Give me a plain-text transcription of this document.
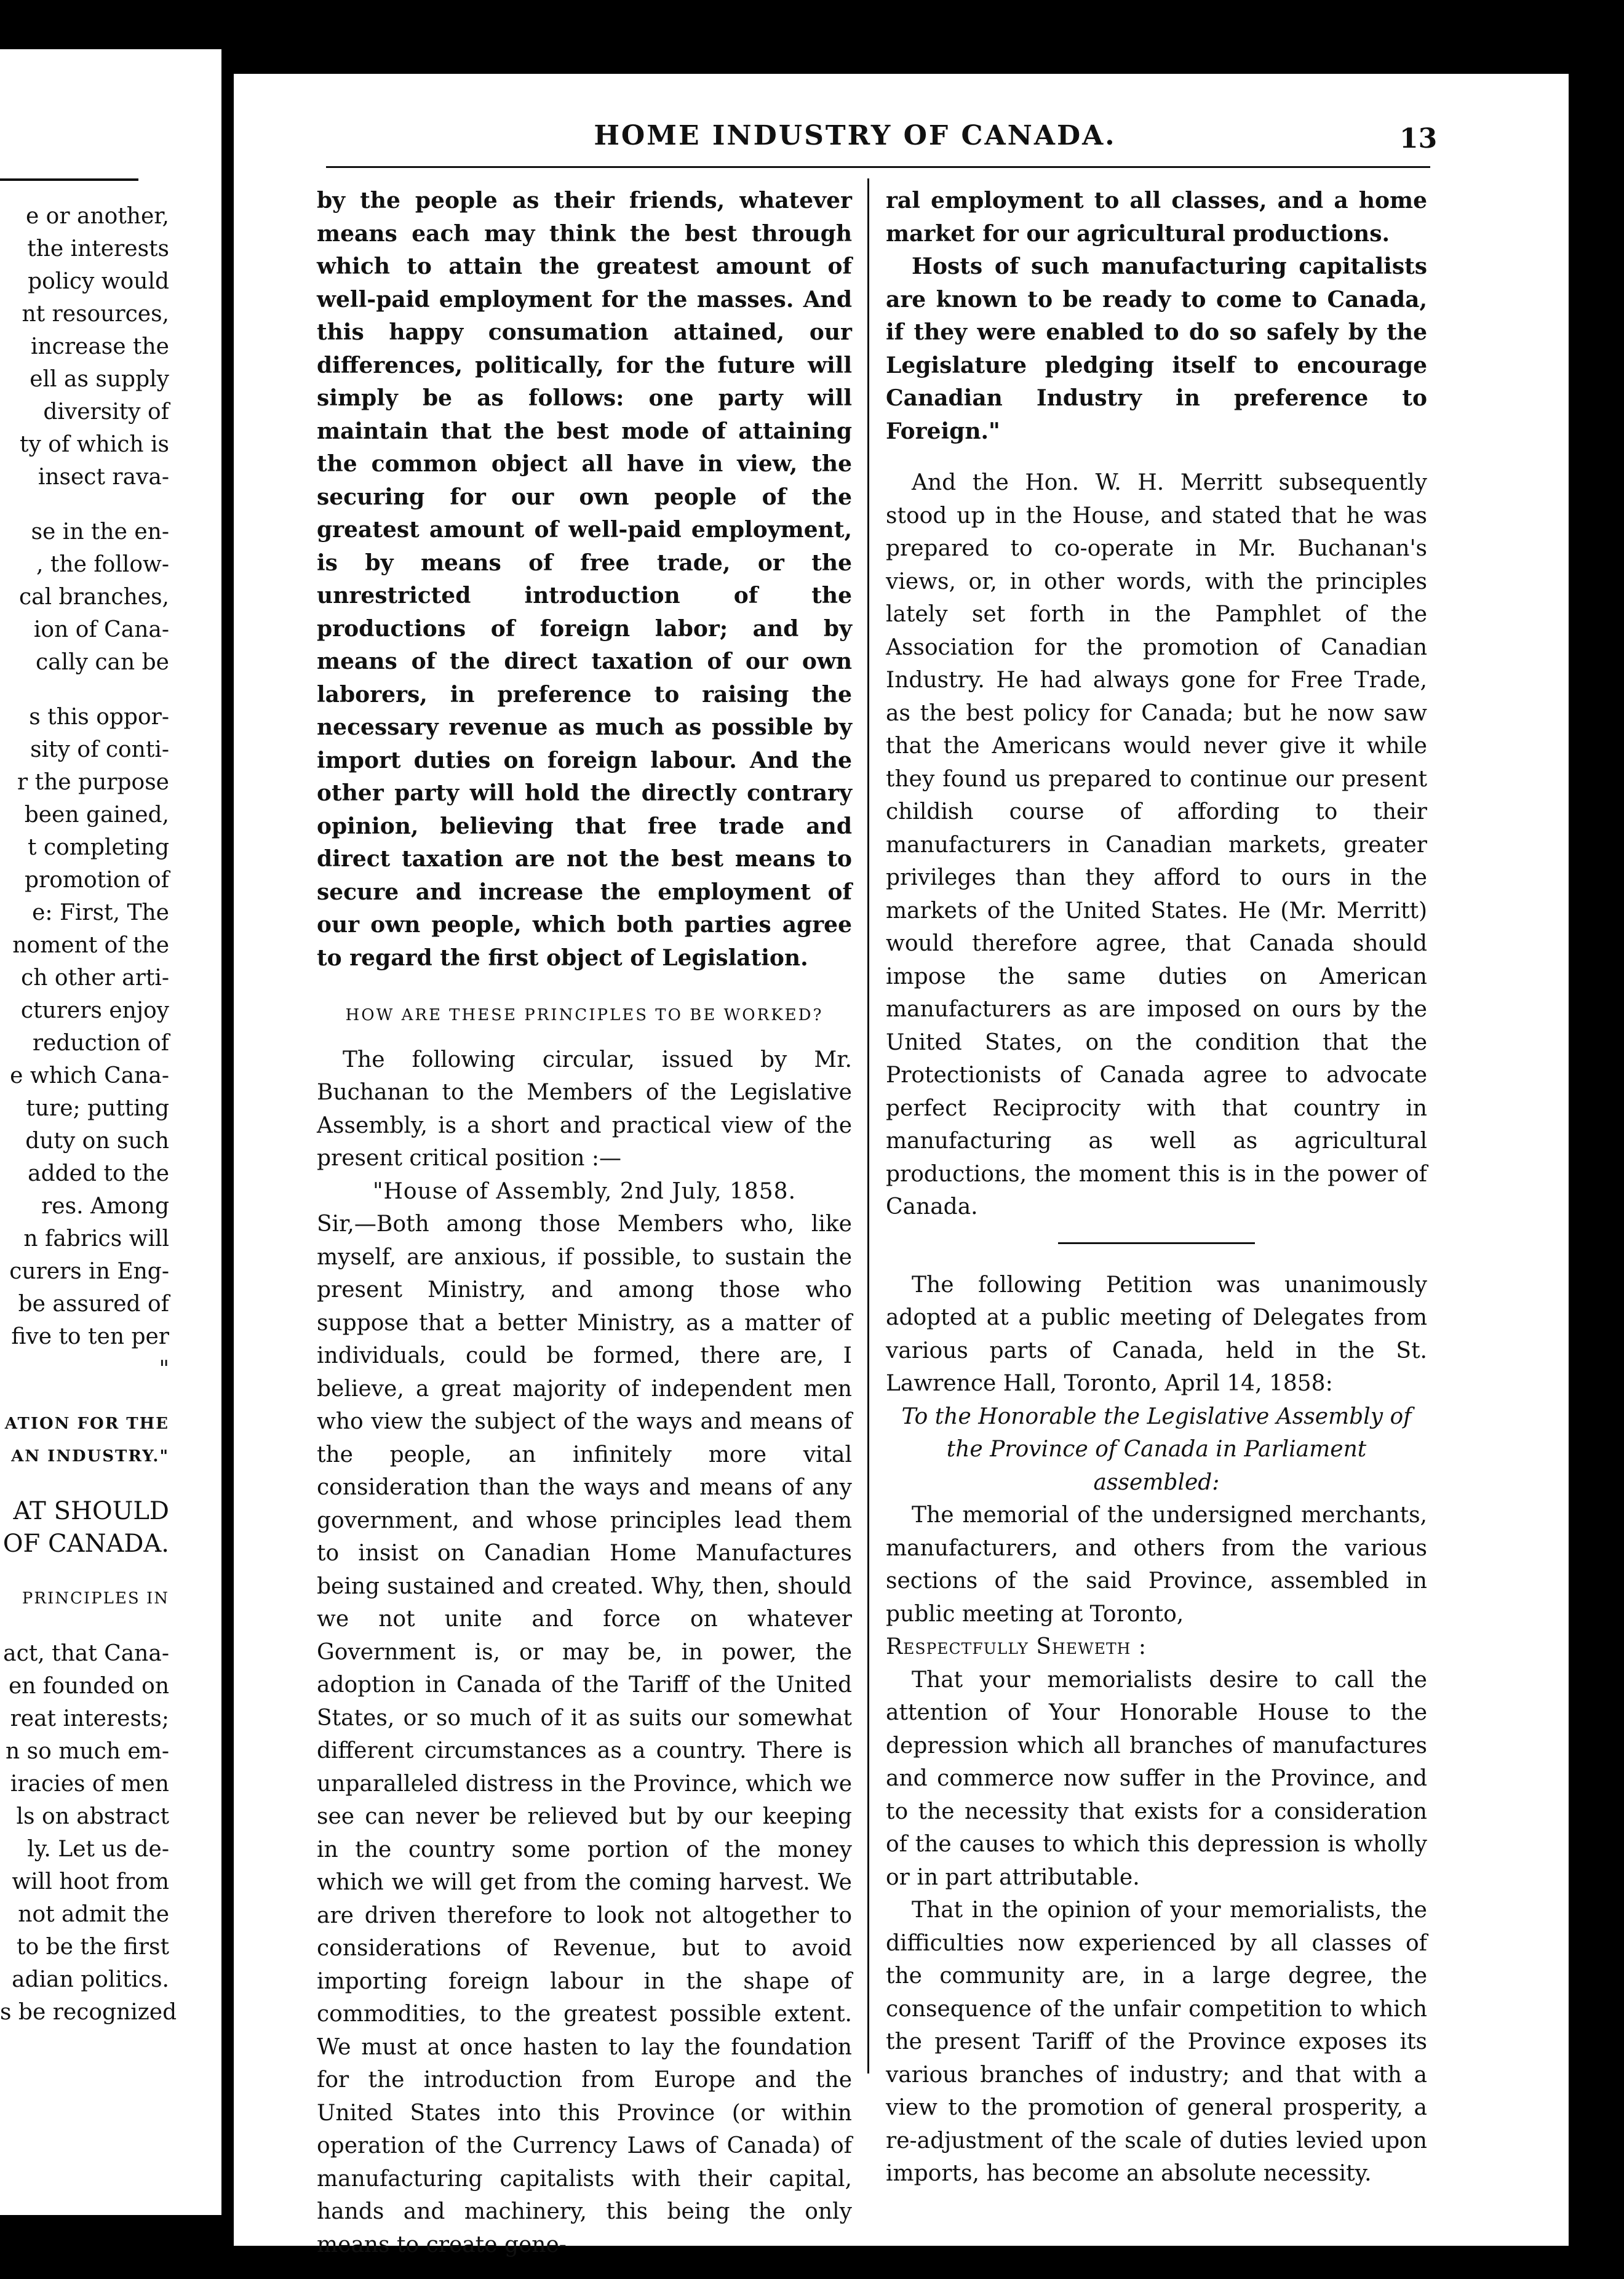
e or another,
the interests
policy would
nt resources,
increase the
ell as supply
diversity of
ty of which is
insect rava-
se in the en-
, the follow-
cal branches,
ion of Cana-
cally can be
s this oppor-
sity of conti-
r the purpose
been gained,
t completing
promotion of
e: First, The
noment of the
ch other arti-
cturers enjoy
reduction of
e which Cana-
ture; putting
duty on such
added to the
res. Among
n fabrics will
curers in Eng-
be assured of
five to ten per
"
ATION FOR THE
AN INDUSTRY."
AT SHOULD
OF CANADA.
PRINCIPLES IN
act, that Cana-
en founded on
reat interests;
n so much em-
iracies of men
ls on abstract
ly. Let us de-
will hoot from
not admit the
to be the first
adian politics.
s be recognized
HOME INDUSTRY OF CANADA.	13

by the people as their friends, whatever means each may think the best through which to attain the greatest amount of well-paid employment for the masses. And this happy consumation attained, our differences, politically, for the future will simply be as follows: one party will maintain that the best mode of attaining the common object all have in view, the securing for our own people of the greatest amount of well-paid employment, is by means of free trade, or the unrestricted introduction of the productions of foreign labor; and by means of the direct taxation of our own laborers, in preference to raising the necessary revenue as much as possible by import duties on foreign labour. And the other party will hold the directly contrary opinion, believing that free trade and direct taxation are not the best means to secure and increase the employment of our own people, which both parties agree to regard the first object of Legislation.

HOW ARE THESE PRINCIPLES TO BE WORKED?

The following circular, issued by Mr. Buchanan to the Members of the Legislative Assembly, is a short and practical view of the present critical position :—

"House of Assembly, 2nd July, 1858.

Sir,—Both among those Members who, like myself, are anxious, if possible, to sustain the present Ministry, and among those who suppose that a better Ministry, as a matter of individuals, could be formed, there are, I believe, a great majority of independent men who view the subject of the ways and means of the people, an infinitely more vital consideration than the ways and means of any government, and whose principles lead them to insist on Canadian Home Manufactures being sustained and created. Why, then, should we not unite and force on whatever Government is, or may be, in power, the adoption in Canada of the Tariff of the United States, or so much of it as suits our somewhat different circumstances as a country. There is unparalleled distress in the Province, which we see can never be relieved but by our keeping in the country some portion of the money which we will get from the coming harvest. We are driven therefore to look not altogether to considerations of Revenue, but to avoid importing foreign labour in the shape of commodities, to the greatest possible extent. We must at once hasten to lay the foundation for the introduction from Europe and the United States into this Province (or within operation of the Currency Laws of Canada) of manufacturing capitalists with their capital, hands and machinery, this being the only means to create gene-

ral employment to all classes, and a home market for our agricultural productions.

Hosts of such manufacturing capitalists are known to be ready to come to Canada, if they were enabled to do so safely by the Legislature pledging itself to encourage Canadian Industry in preference to Foreign."

And the Hon. W. H. Merritt subsequently stood up in the House, and stated that he was prepared to co-operate in Mr. Buchanan's views, or, in other words, with the principles lately set forth in the Pamphlet of the Association for the promotion of Canadian Industry. He had always gone for Free Trade, as the best policy for Canada; but he now saw that the Americans would never give it while they found us prepared to continue our present childish course of affording to their manufacturers in Canadian markets, greater privileges than they afford to ours in the markets of the United States. He (Mr. Merritt) would therefore agree, that Canada should impose the same duties on American manufacturers as are imposed on ours by the United States, on the condition that the Protectionists of Canada agree to advocate perfect Reciprocity with that country in manufacturing as well as agricultural productions, the moment this is in the power of Canada.

The following Petition was unanimously adopted at a public meeting of Delegates from various parts of Canada, held in the St. Lawrence Hall, Toronto, April 14, 1858:

To the Honorable the Legislative Assembly of the Province of Canada in Parliament assembled:

The memorial of the undersigned merchants, manufacturers, and others from the various sections of the said Province, assembled in public meeting at Toronto,

Respectfully Sheweth :

That your memorialists desire to call the attention of Your Honorable House to the depression which all branches of manufactures and commerce now suffer in the Province, and to the necessity that exists for a consideration of the causes to which this depression is wholly or in part attributable.

That in the opinion of your memorialists, the difficulties now experienced by all classes of the community are, in a large degree, the consequence of the unfair competition to which the present Tariff of the Province exposes its various branches of industry; and that with a view to the promotion of general prosperity, a re-adjustment of the scale of duties levied upon imports, has become an absolute necessity.
